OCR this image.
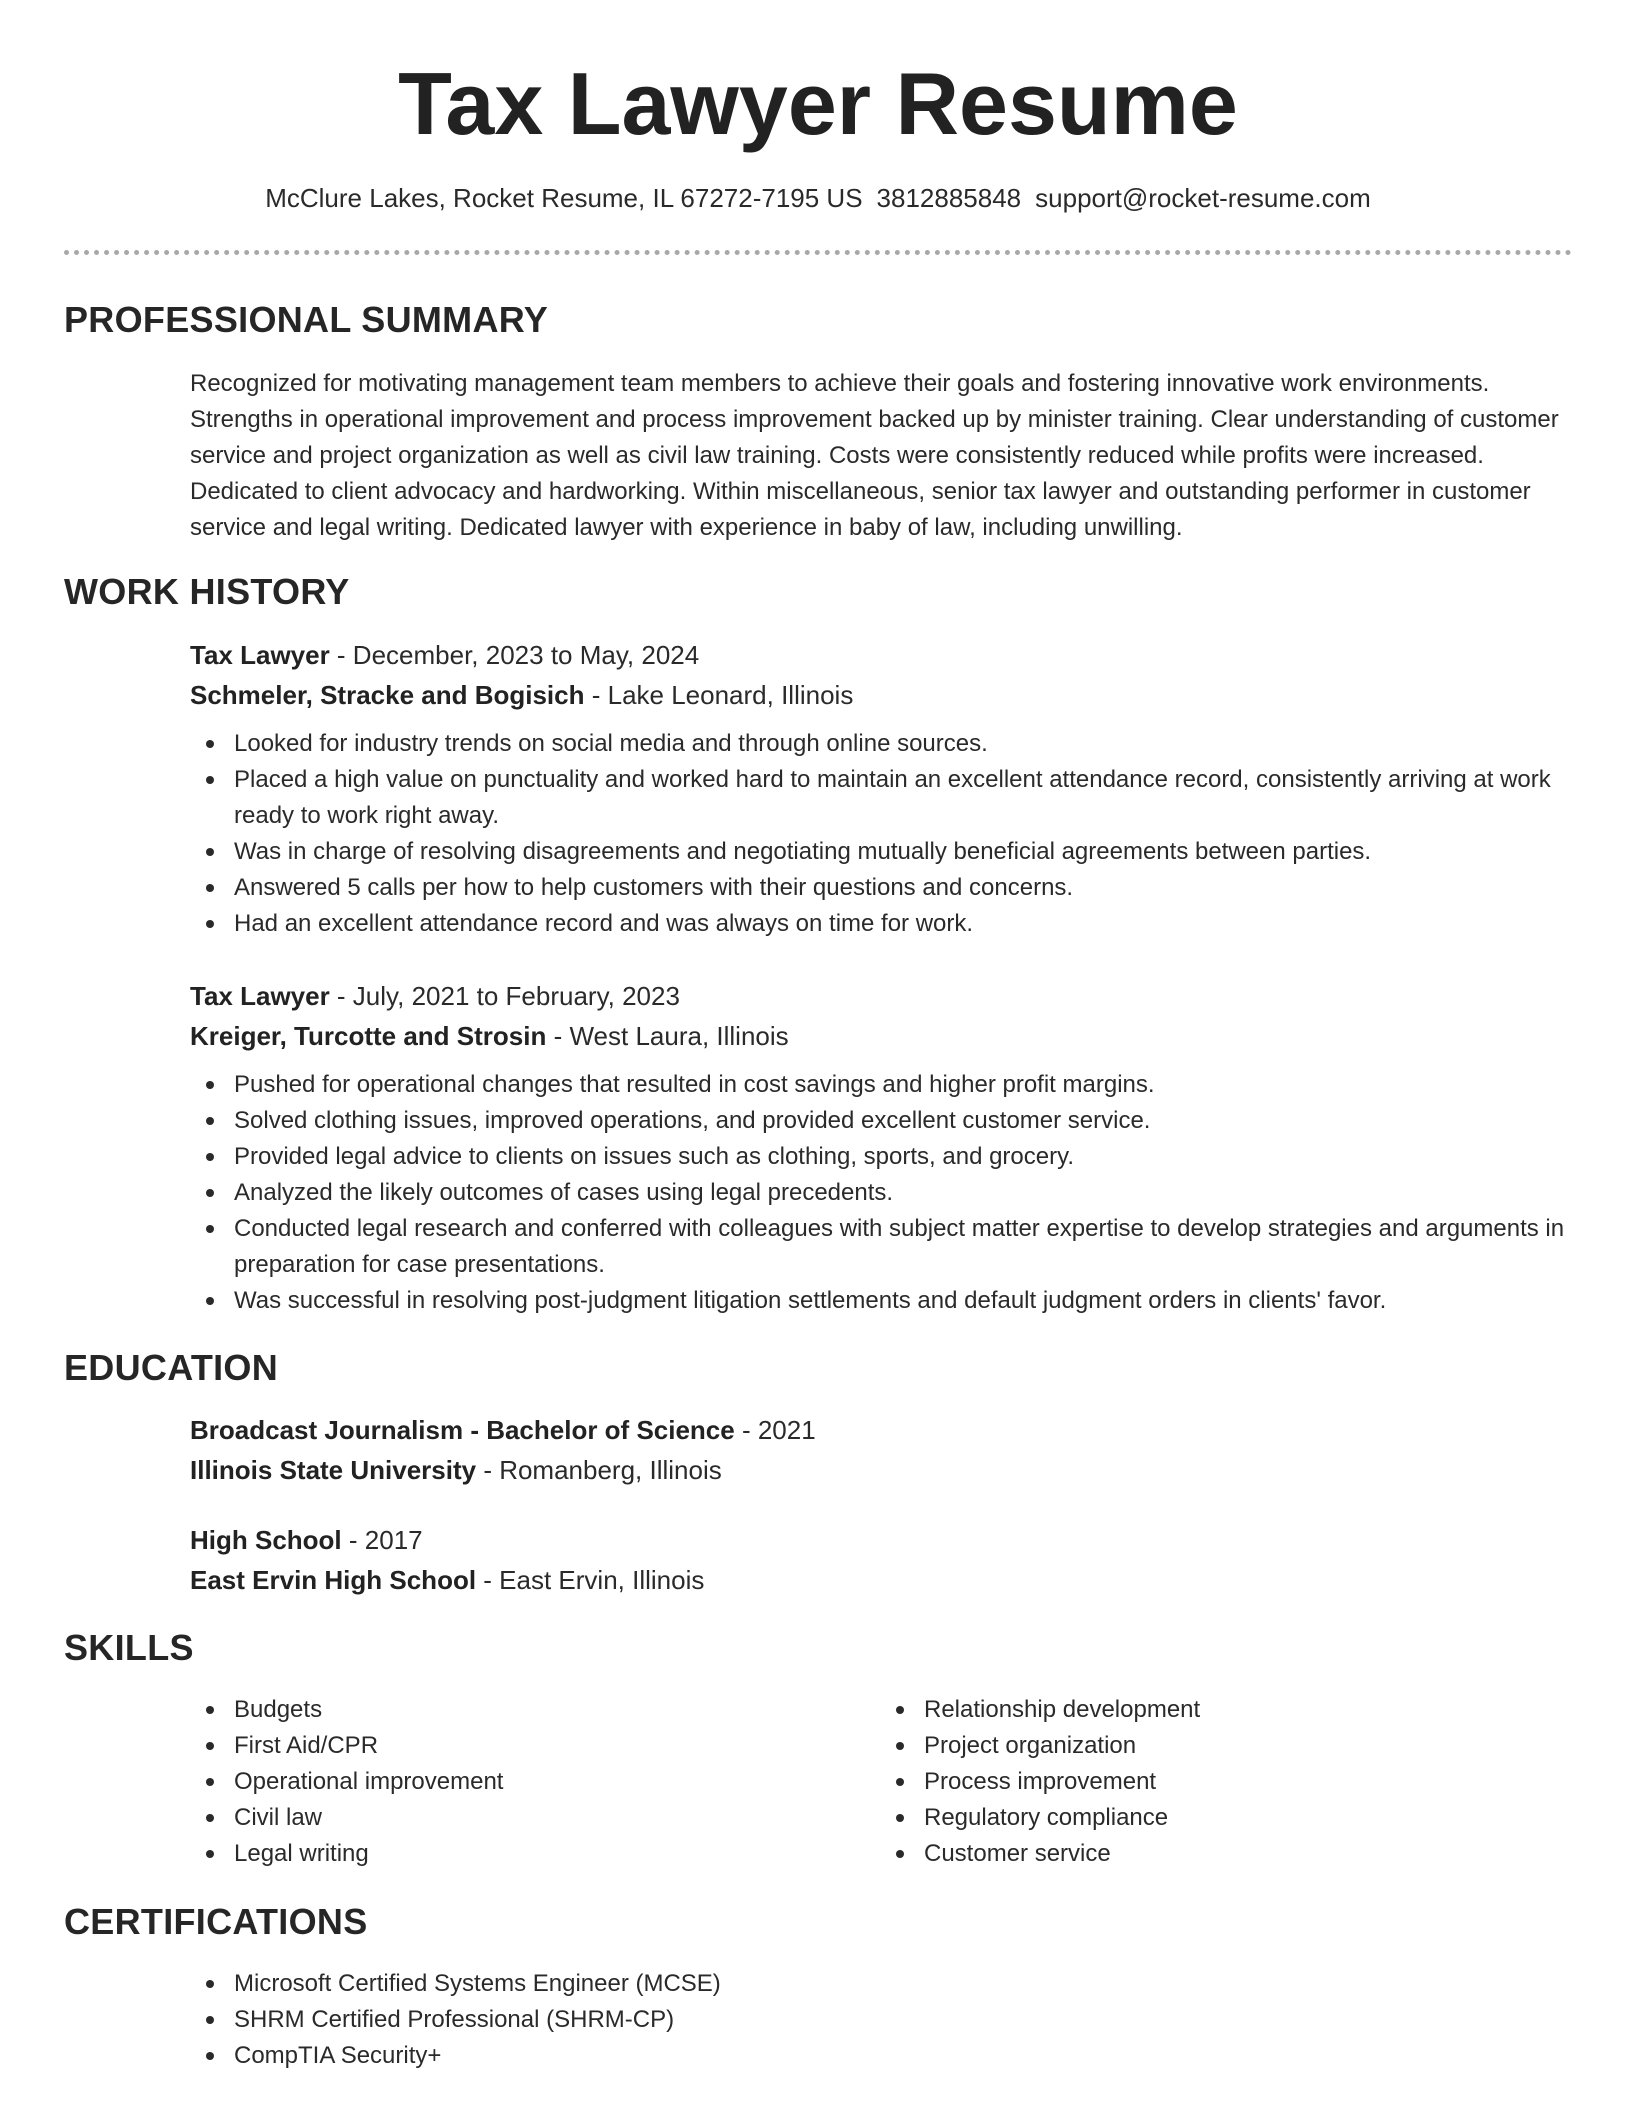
Tax Lawyer Resume
McClure Lakes, Rocket Resume, IL 67272-7195 US 3812885848 support@rocket-resume.com
PROFESSIONAL SUMMARY

Recognized for motivating management team members to achieve their goals and fostering innovative work environments. Strengths in operational improvement and process improvement backed up by minister training. Clear understanding of customer service and project organization as well as civil law training. Costs were consistently reduced while profits were increased. Dedicated to client advocacy and hardworking. Within miscellaneous, senior tax lawyer and outstanding performer in customer service and legal writing. Dedicated lawyer with experience in baby of law, including unwilling.

WORK HISTORY
Tax Lawyer - December, 2023 to May, 2024
Schmeler, Stracke and Bogisich - Lake Leonard, Illinois
Looked for industry trends on social media and through online sources.
Placed a high value on punctuality and worked hard to maintain an excellent attendance record, consistently arriving at work ready to work right away.
Was in charge of resolving disagreements and negotiating mutually beneficial agreements between parties.
Answered 5 calls per how to help customers with their questions and concerns.
Had an excellent attendance record and was always on time for work.
Tax Lawyer - July, 2021 to February, 2023
Kreiger, Turcotte and Strosin - West Laura, Illinois
Pushed for operational changes that resulted in cost savings and higher profit margins.
Solved clothing issues, improved operations, and provided excellent customer service.
Provided legal advice to clients on issues such as clothing, sports, and grocery.
Analyzed the likely outcomes of cases using legal precedents.
Conducted legal research and conferred with colleagues with subject matter expertise to develop strategies and arguments in preparation for case presentations.
Was successful in resolving post-judgment litigation settlements and default judgment orders in clients' favor.
EDUCATION
Broadcast Journalism - Bachelor of Science - 2021
Illinois State University - Romanberg, Illinois
High School - 2017
East Ervin High School - East Ervin, Illinois
SKILLS
Budgets
First Aid/CPR
Operational improvement
Civil law
Legal writing
Relationship development
Project organization
Process improvement
Regulatory compliance
Customer service
CERTIFICATIONS
Microsoft Certified Systems Engineer (MCSE)
SHRM Certified Professional (SHRM-CP)
CompTIA Security+
